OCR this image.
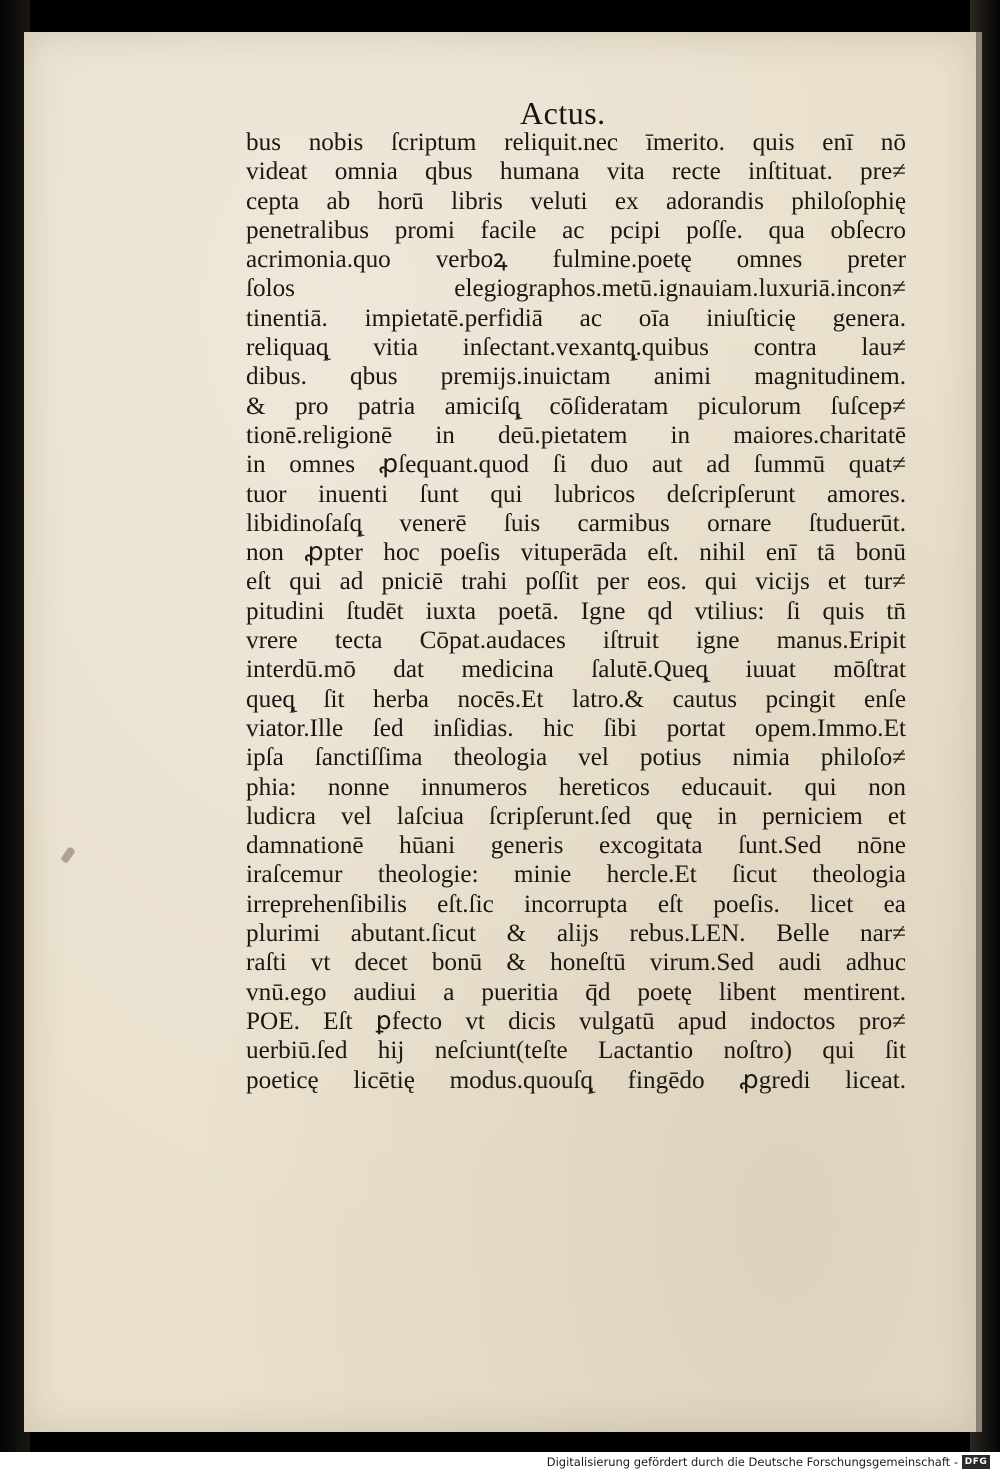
Actus.
bus nobis ſcriptum reliquit.nec īmerito. quis enī nō
videat omnia qbus humana vita recte inſtituat. pre≠
cepta ab horū libris veluti ex adorandis philoſophię
penetralibus promi facile ac pcipi poſſe. qua obſecro
acrimonia.quo verboꝝ fulmine.poetę omnes preter
ſolos elegiographos.metū.ignauiam.luxuriā.incon≠
tinentiā. impietatē.perfidiā ac oīa iniuſticię genera.
reliquaq̨ vitia inſectant.vexantq̨.quibus contra lau≠
dibus. qbus premijs.inuictam animi magnitudinem.
& pro patria amiciſq̨ cōſideratam piculorum ſuſcep≠
tionē.religionē in deū.pietatem in maiores.charitatē
in omnes ꝓſequant.quod ſi duo aut ad ſummū quat≠
tuor inuenti ſunt qui lubricos deſcripſerunt amores.
libidinoſaſq̨ venerē ſuis carmibus ornare ſtuduerūt.
non ꝓpter hoc poeſis vituperāda eſt. nihil enī tā bonū
eſt qui ad pniciē trahi poſſit per eos. qui vicijs et tur≠
pitudini ſtudēt iuxta poetā. Igne qd vtilius: ſi quis tn̄
vrere tecta Cōpat.audaces iſtruit igne manus.Eripit
interdū.mō dat medicina ſalutē.Queq̨ iuuat mōſtrat
queq̨ ſit herba nocēs.Et latro.& cautus pcingit enſe
viator.Ille ſed inſidias. hic ſibi portat opem.Immo.Et
ipſa ſanctiſſima theologia vel potius nimia philoſo≠
phia: nonne innumeros hereticos educauit. qui non
ludicra vel laſciua ſcripſerunt.ſed quę in perniciem et
damnationē hūani generis excogitata ſunt.Sed nōne
iraſcemur theologie: minie hercle.Et ſicut theologia
irreprehenſibilis eſt.ſic incorrupta eſt poeſis. licet ea
plurimi abutant.ſicut & alijs rebus.LEN. Belle nar≠
raſti vt decet bonū & honeſtū virum.Sed audi adhuc
vnū.ego audiui a pueritia q̄d poetę libent mentirent.
POE. Eſt ꝑfecto vt dicis vulgatū apud indoctos pro≠
uerbiū.ſed hij neſciunt(teſte Lactantio noſtro) qui ſit
poeticę licētię modus.quouſq̨ fingēdo ꝓgredi liceat.
Digitalisierung gefördert durch die Deutsche Forschungsgemeinschaft - DFG
